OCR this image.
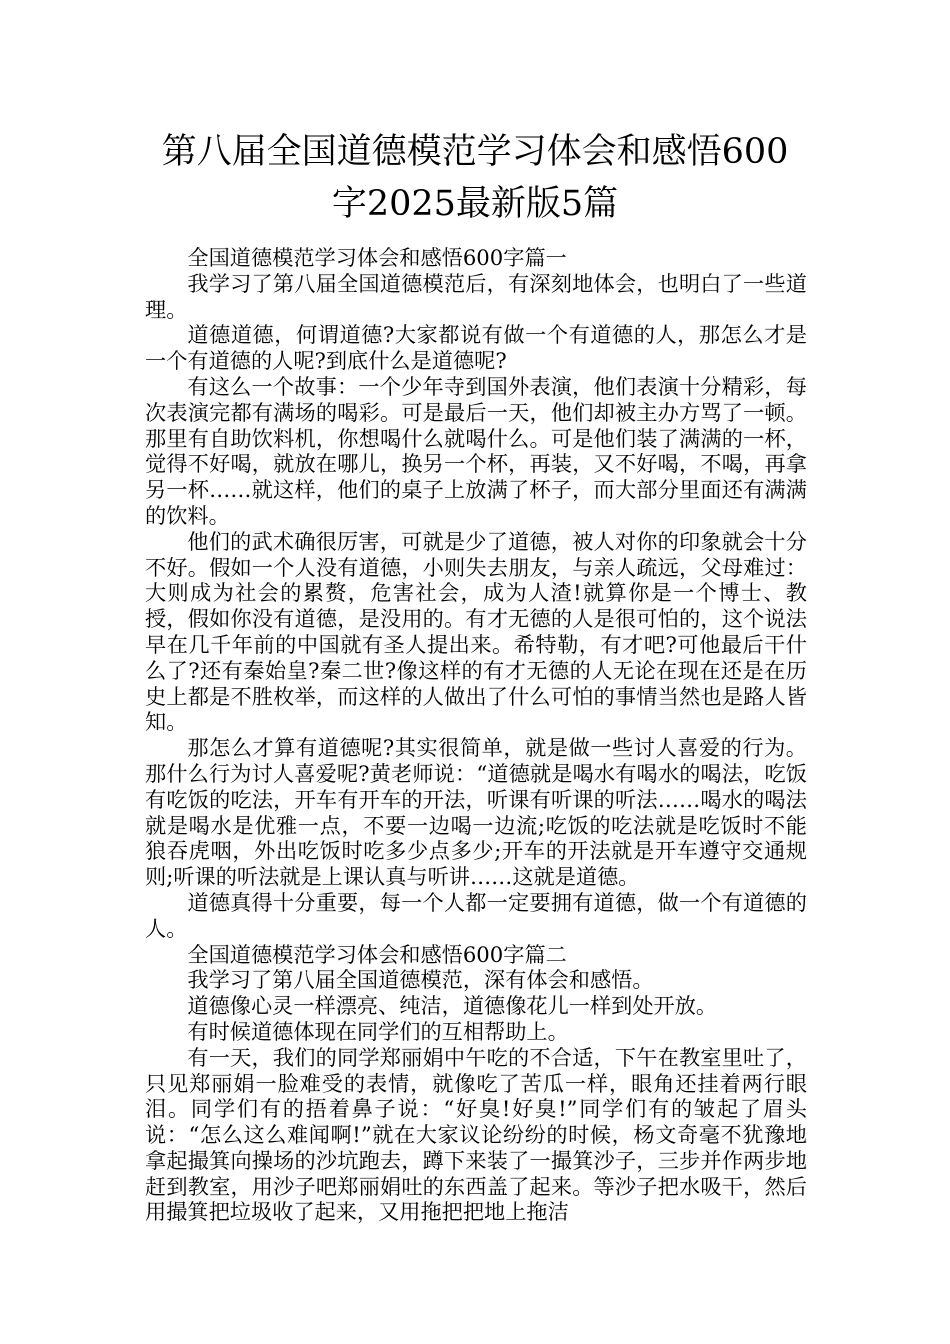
第八届全国道德模范学习体会和感悟600
字2025最新版5篇

全国道德模范学习体会和感悟600字篇一

我学习了第八届全国道德模范后，有深刻地体会，也明白了一些道理。

道德道德，何谓道德?大家都说有做一个有道德的人，那怎么才是一个有道德的人呢?到底什么是道德呢?

有这么一个故事：一个少年寺到国外表演，他们表演十分精彩，每次表演完都有满场的喝彩。可是最后一天，他们却被主办方骂了一顿。那里有自助饮料机，你想喝什么就喝什么。可是他们装了满满的一杯，觉得不好喝，就放在哪儿，换另一个杯，再装，又不好喝，不喝，再拿另一杯……就这样，他们的桌子上放满了杯子，而大部分里面还有满满的饮料。

他们的武术确很厉害，可就是少了道德，被人对你的印象就会十分不好。假如一个人没有道德，小则失去朋友，与亲人疏远，父母难过：大则成为社会的累赘，危害社会，成为人渣!就算你是一个博士、教授，假如你没有道德，是没用的。有才无德的人是很可怕的，这个说法早在几千年前的中国就有圣人提出来。希特勒，有才吧?可他最后干什么了?还有秦始皇?秦二世?像这样的有才无德的人无论在现在还是在历史上都是不胜枚举，而这样的人做出了什么可怕的事情当然也是路人皆知。

那怎么才算有道德呢?其实很简单，就是做一些讨人喜爱的行为。那什么行为讨人喜爱呢?黄老师说：“道德就是喝水有喝水的喝法，吃饭有吃饭的吃法，开车有开车的开法，听课有听课的听法……喝水的喝法就是喝水是优雅一点，不要一边喝一边流;吃饭的吃法就是吃饭时不能狼吞虎咽，外出吃饭时吃多少点多少;开车的开法就是开车遵守交通规则;听课的听法就是上课认真与听讲……这就是道德。

道德真得十分重要，每一个人都一定要拥有道德，做一个有道德的人。

全国道德模范学习体会和感悟600字篇二

我学习了第八届全国道德模范，深有体会和感悟。

道德像心灵一样漂亮、纯洁，道德像花儿一样到处开放。

有时候道德体现在同学们的互相帮助上。

有一天，我们的同学郑丽娟中午吃的不合适，下午在教室里吐了，只见郑丽娟一脸难受的表情，就像吃了苦瓜一样，眼角还挂着两行眼泪。同学们有的捂着鼻子说：“好臭!好臭!”同学们有的皱起了眉头说：“怎么这么难闻啊!”就在大家议论纷纷的时候，杨文奇毫不犹豫地拿起撮箕向操场的沙坑跑去，蹲下来装了一撮箕沙子，三步并作两步地赶到教室，用沙子吧郑丽娟吐的东西盖了起来。等沙子把水吸干，然后用撮箕把垃圾收了起来，又用拖把把地上拖洁
